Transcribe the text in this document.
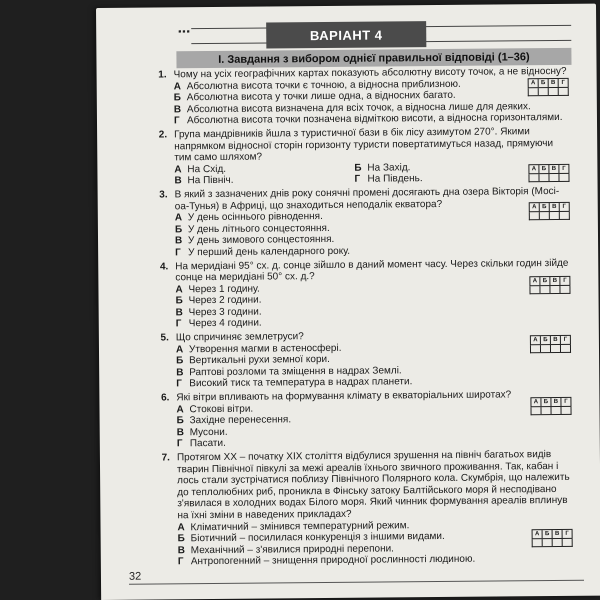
▪▪▪	ВАРІАНТ 4
І. Завдання з вибором однієї правильної відповіді (1–36)
1. Чому на усіх географічних картах показують абсолютну висоту точок, а не відносну?
А Б В	Г
А Абсолютна висота точки є точною, а відносна приблизною.
Б Абсолютна висота у точки лише одна, а відносних багато.
В Абсолютна висота визначена для всіх точок, а відносна лише для деяких.
Г Абсолютна висота точки позначена відміткою висоти, а відносна горизонталями.
2. Група мандрівників йшла з туристичної бази в бік лісу азимутом 270°. Якими напрямком відносної сторін горизонту туристи повертатимуться назад, прямуючи тим само шляхом?
А Б В	Г
А На Схід.	Б На Захід.
В На Північ.	Г На Південь.
3. В який з зазначених днів року сонячні промені досягають дна озера Вікторія (Мосі-оа-Тунья) в Африці, що знаходиться неподалік екватора?	А Б В	Г
А У день осіннього рівнодення.
Б У день літнього сонцестояння.
В У день зимового сонцестояння.
Г У перший день календарного року.
4. На меридіані 95° сх. д. сонце зійшло в даний момент часу. Через скільки годин зійде сонце на меридіані 50° сх. д.?	А Б В	Г
А Через 1 годину.
Б Через 2 години.
В Через 3 години.
Г Через 4 години.
5. Що спричиняє землетруси?	А Б В	Г
А Утворення магми в астеносфері.
Б Вертикальні рухи земної кори.
В Раптові розломи та зміщення в надрах Землі.
Г Високий тиск та температура в надрах планети.
6. Які вітри впливають на формування клімату в екваторіальних широтах?	А Б В	Г
А Стокові вітри.
Б Західне перенесення.
В Мусони.
Г Пасати.
7. Протягом XX – початку XIX століття відбулися зрушення на північ багатьох видів тварин Північної півкулі за межі ареалів їхнього звичного проживання. Так, кабан і лось стали зустрічатися поблизу Північного Полярного кола. Скумбрія, що належить до теплолюбних риб, проникла в Фінську затоку Балтійського моря й несподівано з'явилася в холодних водах Білого моря. Який чинник формування ареалів вплинув на їхні зміни в наведених прикладах?
А Б В	Г
А Кліматичний – змінився температурний режим.
Б Біотичний – посилилася конкуренція з іншими видами.
В Механічний – з'явилися природні перепони.
Г Антропогенний – знищення природної рослинності людиною.
32
